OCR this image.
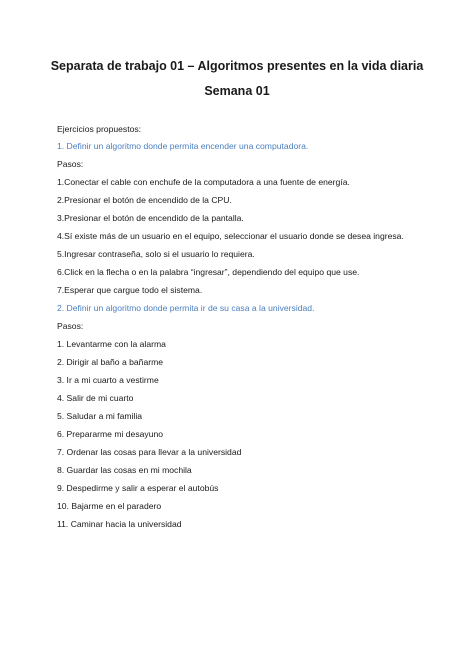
Separata de trabajo 01 – Algoritmos presentes en la vida diaria
Semana 01
Ejercicios propuestos:
1. Definir un algoritmo donde permita encender una computadora.
Pasos:
1.Conectar el cable con enchufe de la computadora a una fuente de energía.
2.Presionar el botón de encendido de la CPU.
3.Presionar el botón de encendido de la pantalla.
4.Sí existe más de un usuario en el equipo, seleccionar el usuario donde se desea ingresa.
5.Ingresar contraseña, solo si el usuario lo requiera.
6.Click en la flecha o en la palabra “ingresar”, dependiendo del equipo que use.
7.Esperar que cargue todo el sistema.
2. Definir un algoritmo donde permita ir de su casa a la universidad.
Pasos:
1. Levantarme con la alarma
2. Dirigir al baño a bañarme
3. Ir a mi cuarto a vestirme
4. Salir de mi cuarto
5. Saludar a mi familia
6. Prepararme mi desayuno
7. Ordenar las cosas para llevar a la universidad
8. Guardar las cosas en mi mochila
9. Despedirme y salir a esperar el autobús
10. Bajarme en el paradero
11. Caminar hacia la universidad
